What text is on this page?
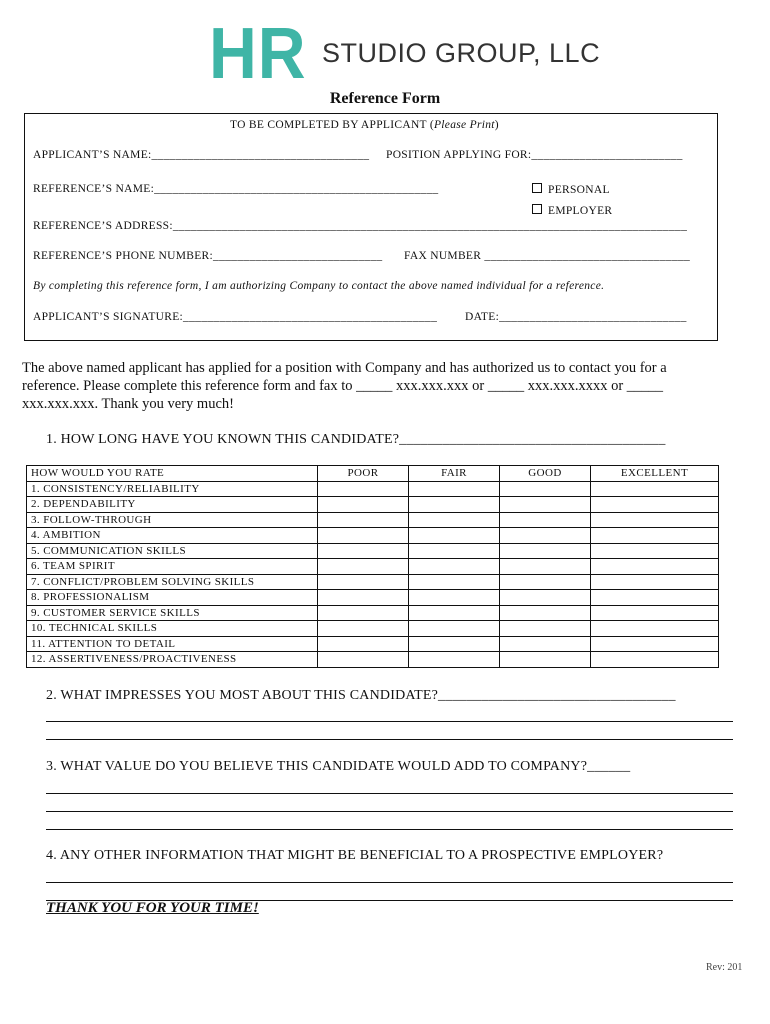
HR STUDIO GROUP, LLC
Reference Form
TO BE COMPLETED BY APPLICANT (Please Print)
APPLICANT’S NAME:____________________________________ POSITION APPLYING FOR:_________________________
REFERENCE’S NAME:_______________________________________________	PERSONAL
EMPLOYER
REFERENCE’S ADDRESS:_____________________________________________________________________________________
REFERENCE’S PHONE NUMBER:____________________________ FAX NUMBER __________________________________
By completing this reference form, I am authorizing Company to contact the above named individual for a reference.
APPLICANT’S SIGNATURE:__________________________________________ DATE:_______________________________
The above named applicant has applied for a position with Company and has authorized us to contact you for a reference. Please complete this reference form and fax to _____ xxx.xxx.xxx or _____ xxx.xxx.xxxx or _____ xxx.xxx.xxx. Thank you very much!
1. HOW LONG HAVE YOU KNOWN THIS CANDIDATE?_____________________________________
HOW WOULD YOU RATE	POOR	FAIR	GOOD	EXCELLENT
1. CONSISTENCY/RELIABILITY				
2. DEPENDABILITY				
3. FOLLOW-THROUGH				
4. AMBITION				
5. COMMUNICATION SKILLS				
6. TEAM SPIRIT				
7. CONFLICT/PROBLEM SOLVING SKILLS				
8. PROFESSIONALISM				
9. CUSTOMER SERVICE SKILLS				
10. TECHNICAL SKILLS				
11. ATTENTION TO DETAIL				
12. ASSERTIVENESS/PROACTIVENESS				
2. WHAT IMPRESSES YOU MOST ABOUT THIS CANDIDATE?_________________________________
3. WHAT VALUE DO YOU BELIEVE THIS CANDIDATE WOULD ADD TO COMPANY?______
4. ANY OTHER INFORMATION THAT MIGHT BE BENEFICIAL TO A PROSPECTIVE EMPLOYER?
THANK YOU FOR YOUR TIME!
Rev: 201
